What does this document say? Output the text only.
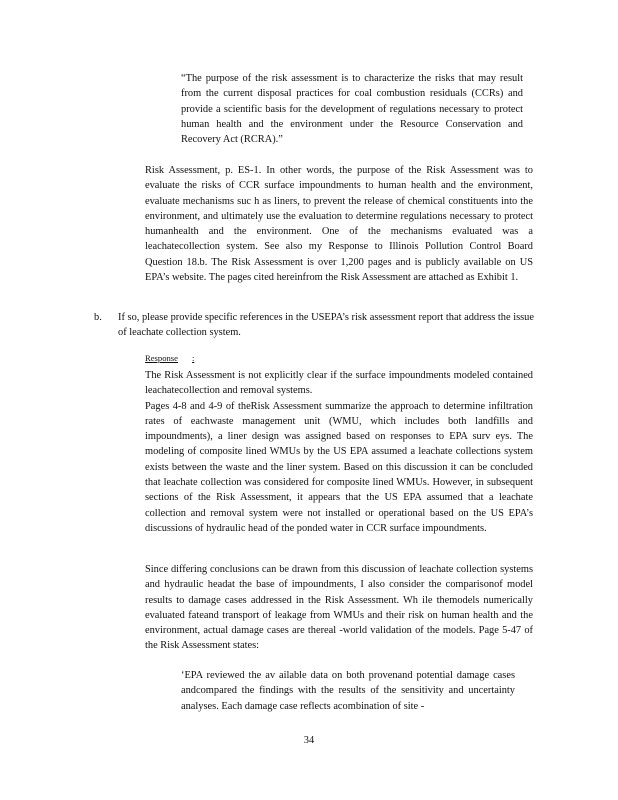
“The purpose of the risk assessment is to characterize the risks that may result from the current disposal practices for coal combustion residuals (CCRs) and provide a scientific basis for the development of regulations necessary to protect human health and the environment under the Resource Conservation and Recovery Act (RCRA).”

Risk Assessment, p. ES-1. In other words, the purpose of the Risk Assessment was to evaluate the risks of CCR surface impoundments to human health and the environment, evaluate mechanisms suc h as liners, to prevent the release of chemical constituents into the environment, and ultimately use the evaluation to determine regulations necessary to protect humanhealth and the environment. One of the mechanisms evaluated was a leachatecollection system. See also my Response to Illinois Pollution Control Board Question 18.b. The Risk Assessment is over 1,200 pages and is publicly available on US EPA’s website. The pages cited hereinfrom the Risk Assessment are attached as Exhibit 1.

b. If so, please provide specific references in the USEPA’s risk assessment report that address the issue of leachate collection system.

Response :

The Risk Assessment is not explicitly clear if the surface impoundments modeled contained leachatecollection and removal systems.

Pages 4-8 and 4-9 of theRisk Assessment summarize the approach to determine infiltration rates of eachwaste management unit (WMU, which includes both landfills and impoundments), a liner design was assigned based on responses to EPA surv eys. The modeling of composite lined WMUs by the US EPA assumed a leachate collections system exists between the waste and the liner system. Based on this discussion it can be concluded that leachate collection was considered for composite lined WMUs. However, in subsequent sections of the Risk Assessment, it appears that the US EPA assumed that a leachate collection and removal system were not installed or operational based on the US EPA’s discussions of hydraulic head of the ponded water in CCR surface impoundments.

Since differing conclusions can be drawn from this discussion of leachate collection systems and hydraulic headat the base of impoundments, I also consider the comparisonof model results to damage cases addressed in the Risk Assessment. Wh ile themodels numerically evaluated fateand transport of leakage from WMUs and their risk on human health and the environment, actual damage cases are thereal -world validation of the models. Page 5-47 of the Risk Assessment states:

‘EPA reviewed the av ailable data on both provenand potential damage cases andcompared the findings with the results of the sensitivity and uncertainty analyses. Each damage case reflects acombination of site -

34
